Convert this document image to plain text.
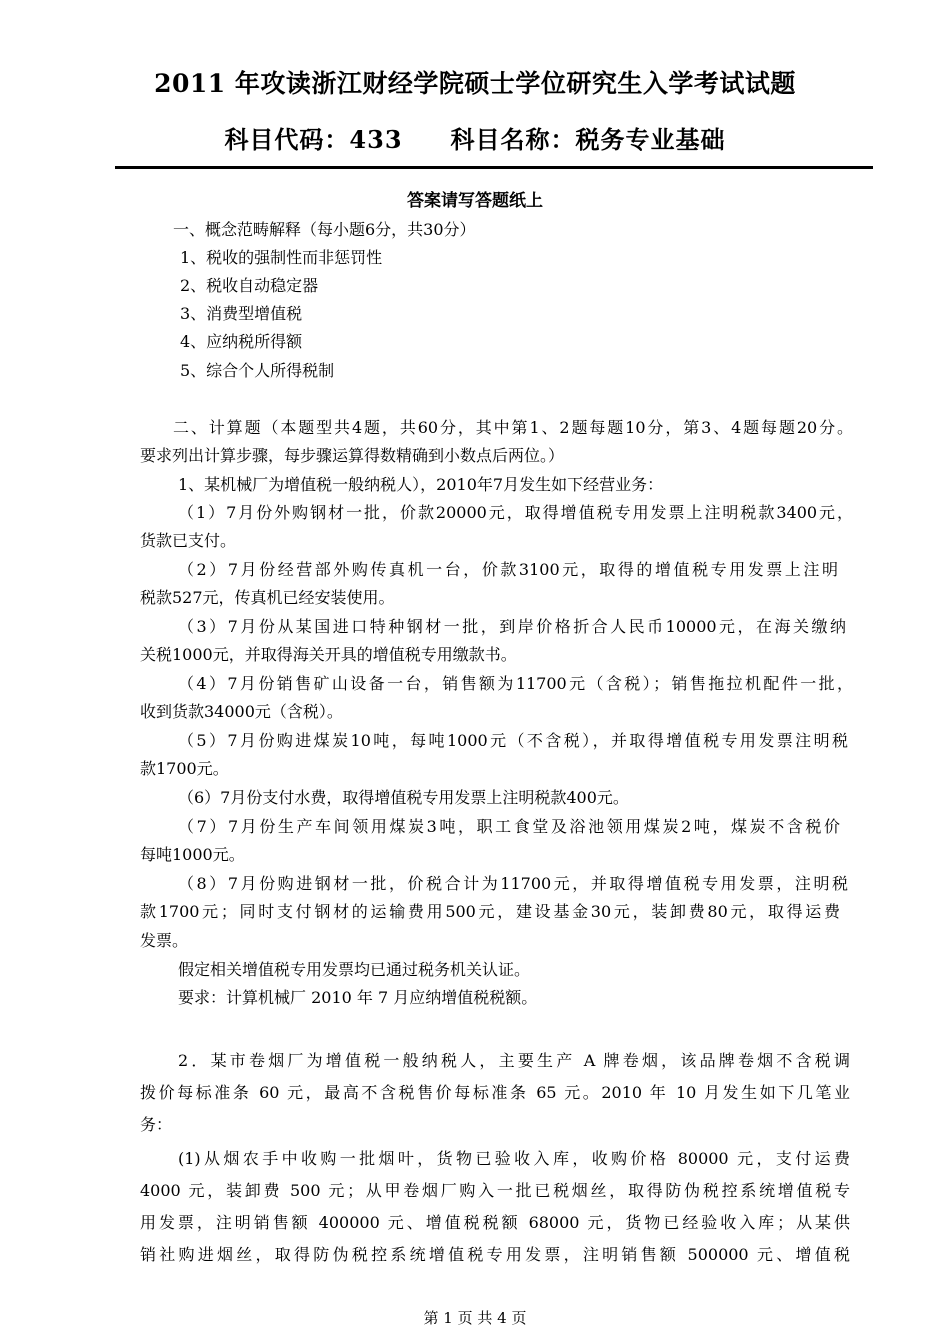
2011 年攻读浙江财经学院硕士学位研究生入学考试试题
科目代码：433 科目名称：税务专业基础
答案请写答题纸上
一、概念范畴解释（每小题6分，共30分）
1、税收的强制性而非惩罚性
2、税收自动稳定器
3、消费型增值税
4、应纳税所得额
5、综合个人所得税制
二、计算题（本题型共4题，共60分，其中第1、2题每题10分，第3、4题每题20分。
要求列出计算步骤，每步骤运算得数精确到小数点后两位。）
1、某机械厂为增值税一般纳税人），2010年7月发生如下经营业务：
（1）7月份外购钢材一批，价款20000元，取得增值税专用发票上注明税款3400元，
货款已支付。
（2）7月份经营部外购传真机一台，价款3100元，取得的增值税专用发票上注明
税款527元，传真机已经安装使用。
（3）7月份从某国进口特种钢材一批，到岸价格折合人民币10000元，在海关缴纳
关税1000元，并取得海关开具的增值税专用缴款书。
（4）7月份销售矿山设备一台，销售额为11700元（含税）；销售拖拉机配件一批，
收到货款34000元（含税）。
（5）7月份购进煤炭10吨，每吨1000元（不含税），并取得增值税专用发票注明税
款1700元。
（6）7月份支付水费，取得增值税专用发票上注明税款400元。
（7）7月份生产车间领用煤炭3吨，职工食堂及浴池领用煤炭2吨，煤炭不含税价
每吨1000元。
（8）7月份购进钢材一批，价税合计为11700元，并取得增值税专用发票，注明税
款1700元；同时支付钢材的运输费用500元，建设基金30元，装卸费80元，取得运费
发票。
假定相关增值税专用发票均已通过税务机关认证。
要求：计算机械厂 2010 年 7 月应纳增值税税额。
2．某市卷烟厂为增值税一般纳税人，主要生产 A 牌卷烟，该品牌卷烟不含税调
拨价每标准条 60 元，最高不含税售价每标准条 65 元。2010 年 10 月发生如下几笔业
务：
(1)从烟农手中收购一批烟叶，货物已验收入库，收购价格 80000 元，支付运费
4000 元，装卸费 500 元；从甲卷烟厂购入一批已税烟丝，取得防伪税控系统增值税专
用发票，注明销售额 400000 元、增值税税额 68000 元，货物已经验收入库；从某供
销社购进烟丝，取得防伪税控系统增值税专用发票，注明销售额 500000 元、增值税
第 1 页 共 4 页
